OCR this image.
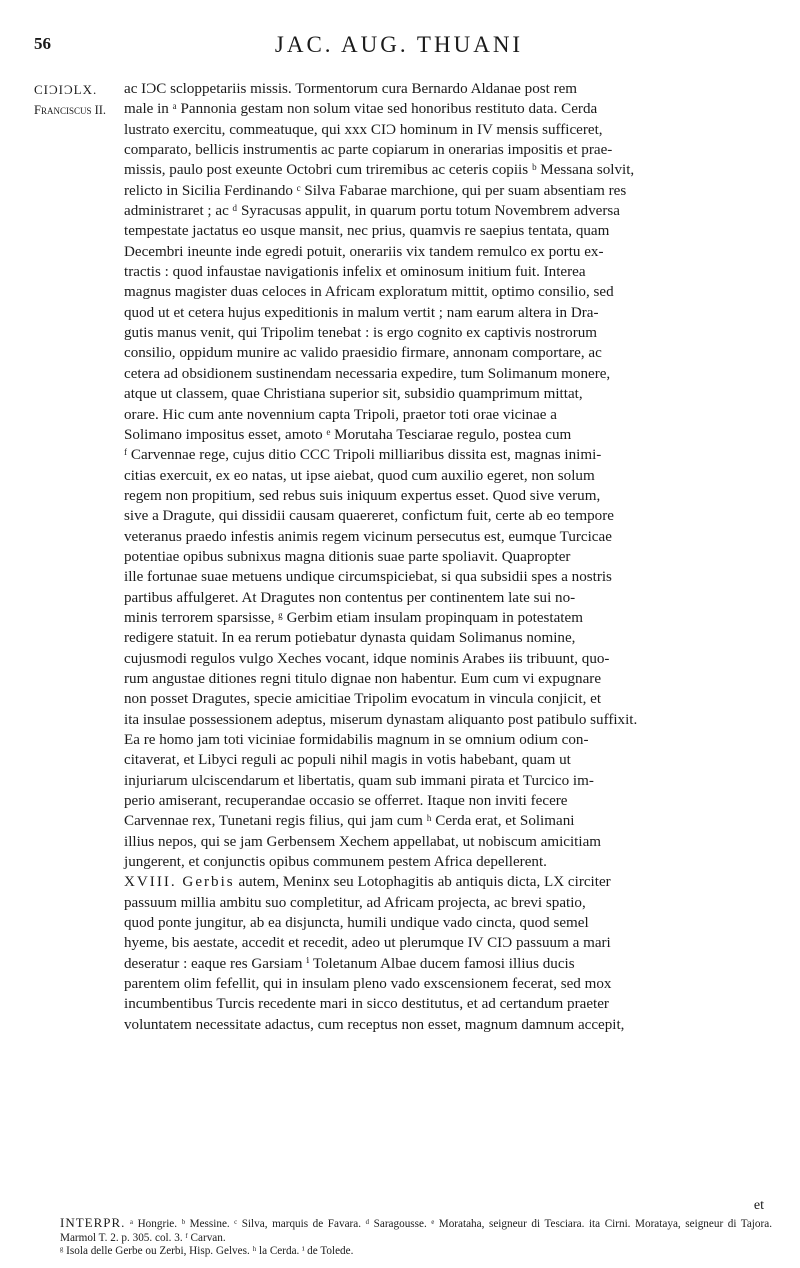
56	JAC. AUG. THUANI
CIƆIƆLX.
Franciscus II.
ac IƆC scloppetariis missis. Tormentorum cura Bernardo Aldanae post rem
male in ᵃ Pannonia gestam non solum vitae sed honoribus restituto data. Cerda
lustrato exercitu, commeatuque, qui xxx CIƆ hominum in IV mensis sufficeret,
comparato, bellicis instrumentis ac parte copiarum in onerarias impositis et prae-
missis, paulo post exeunte Octobri cum triremibus ac ceteris copiis ᵇ Messana solvit,
relicto in Sicilia Ferdinando ᶜ Silva Fabarae marchione, qui per suam absentiam res
administraret ; ac ᵈ Syracusas appulit, in quarum portu totum Novembrem adversa
tempestate jactatus eo usque mansit, nec prius, quamvis re saepius tentata, quam
Decembri ineunte inde egredi potuit, onerariis vix tandem remulco ex portu ex-
tractis : quod infaustae navigationis infelix et ominosum initium fuit. Interea
magnus magister duas celoces in Africam exploratum mittit, optimo consilio, sed
quod ut et cetera hujus expeditionis in malum vertit ; nam earum altera in Dra-
gutis manus venit, qui Tripolim tenebat : is ergo cognito ex captivis nostrorum
consilio, oppidum munire ac valido praesidio firmare, annonam comportare, ac
cetera ad obsidionem sustinendam necessaria expedire, tum Solimanum monere,
atque ut classem, quae Christiana superior sit, subsidio quamprimum mittat,
orare. Hic cum ante novennium capta Tripoli, praetor toti orae vicinae a
Solimano impositus esset, amoto ᵉ Morutaha Tesciarae regulo, postea cum
ᶠ Carvennae rege, cujus ditio CCC Tripoli milliaribus dissita est, magnas inimi-
citias exercuit, ex eo natas, ut ipse aiebat, quod cum auxilio egeret, non solum
regem non propitium, sed rebus suis iniquum expertus esset. Quod sive verum,
sive a Dragute, qui dissidii causam quaereret, confictum fuit, certe ab eo tempore
veteranus praedo infestis animis regem vicinum persecutus est, eumque Turcicae
potentiae opibus subnixus magna ditionis suae parte spoliavit. Quapropter
ille fortunae suae metuens undique circumspiciebat, si qua subsidii spes a nostris
partibus affulgeret. At Dragutes non contentus per continentem late sui no-
minis terrorem sparsisse, ᵍ Gerbim etiam insulam propinquam in potestatem
redigere statuit. In ea rerum potiebatur dynasta quidam Solimanus nomine,
cujusmodi regulos vulgo Xeches vocant, idque nominis Arabes iis tribuunt, quo-
rum angustae ditiones regni titulo dignae non habentur. Eum cum vi expugnare
non posset Dragutes, specie amicitiae Tripolim evocatum in vincula conjicit, et
ita insulae possessionem adeptus, miserum dynastam aliquanto post patibulo suffixit.
Ea re homo jam toti viciniae formidabilis magnum in se omnium odium con-
citaverat, et Libyci reguli ac populi nihil magis in votis habebant, quam ut
injuriarum ulciscendarum et libertatis, quam sub immani pirata et Turcico im-
perio amiserant, recuperandae occasio se offerret. Itaque non inviti fecere
Carvennae rex, Tunetani regis filius, qui jam cum ʰ Cerda erat, et Solimani
illius nepos, qui se jam Gerbensem Xechem appellabat, ut nobiscum amicitiam
jungerent, et conjunctis opibus communem pestem Africa depellerent.
XVIII. Gerbis autem, Meninx seu Lotophagitis ab antiquis dicta, LX circiter
passuum millia ambitu suo completitur, ad Africam projecta, ac brevi spatio,
quod ponte jungitur, ab ea disjuncta, humili undique vado cincta, quod semel
hyeme, bis aestate, accedit et recedit, adeo ut plerumque IV CIƆ passuum a mari
deseratur : eaque res Garsiam ⁱ Toletanum Albae ducem famosi illius ducis
parentem olim fefellit, qui in insulam pleno vado exscensionem fecerat, sed mox
incumbentibus Turcis recedente mari in sicco destitutus, et ad certandum praeter
voluntatem necessitate adactus, cum receptus non esset, magnum damnum accepit,
et
INTERPR. ᵃ Hongrie. ᵇ Messine. ᶜ Silva, marquis de Favara. ᵈ Saragousse. ᵉ Morataha, seigneur di Tesciara. ita Cirni. Morataya, seigneur di Tajora. Marmol T. 2. p. 305. col. 3. ᶠ Carvan.
ᵍ Isola delle Gerbe ou Zerbi, Hisp. Gelves. ʰ la Cerda. ⁱ de Tolede.
